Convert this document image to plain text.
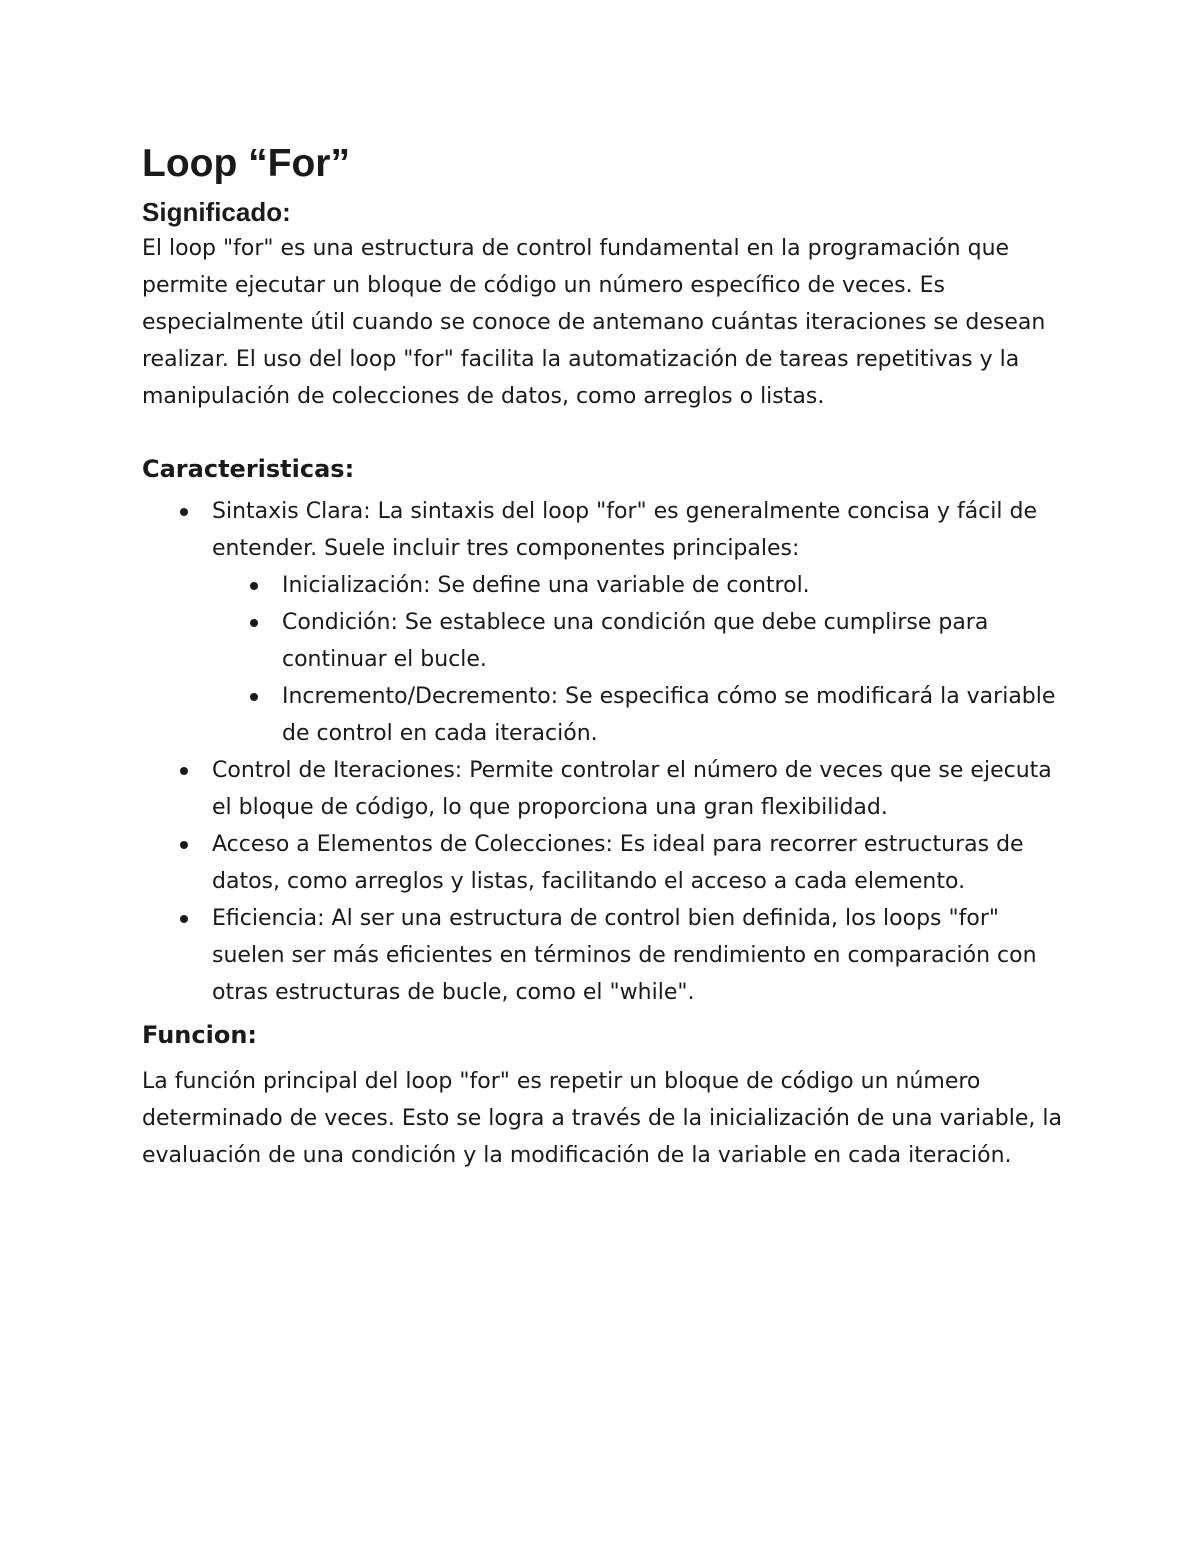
Loop “For”
Significado:

El loop "for" es una estructura de control fundamental en la programación que permite ejecutar un bloque de código un número específico de veces. Es especialmente útil cuando se conoce de antemano cuántas iteraciones se desean realizar. El uso del loop "for" facilita la automatización de tareas repetitivas y la manipulación de colecciones de datos, como arreglos o listas.

Caracteristicas:
Sintaxis Clara: La sintaxis del loop "for" es generalmente concisa y fácil de entender. Suele incluir tres componentes principales:
Inicialización: Se define una variable de control.
Condición: Se establece una condición que debe cumplirse para continuar el bucle.
Incremento/Decremento: Se especifica cómo se modificará la variable de control en cada iteración.
Control de Iteraciones: Permite controlar el número de veces que se ejecuta el bloque de código, lo que proporciona una gran flexibilidad.
Acceso a Elementos de Colecciones: Es ideal para recorrer estructuras de datos, como arreglos y listas, facilitando el acceso a cada elemento.
Eficiencia: Al ser una estructura de control bien definida, los loops "for" suelen ser más eficientes en términos de rendimiento en comparación con otras estructuras de bucle, como el "while".
Funcion:

La función principal del loop "for" es repetir un bloque de código un número determinado de veces. Esto se logra a través de la inicialización de una variable, la evaluación de una condición y la modificación de la variable en cada iteración.
